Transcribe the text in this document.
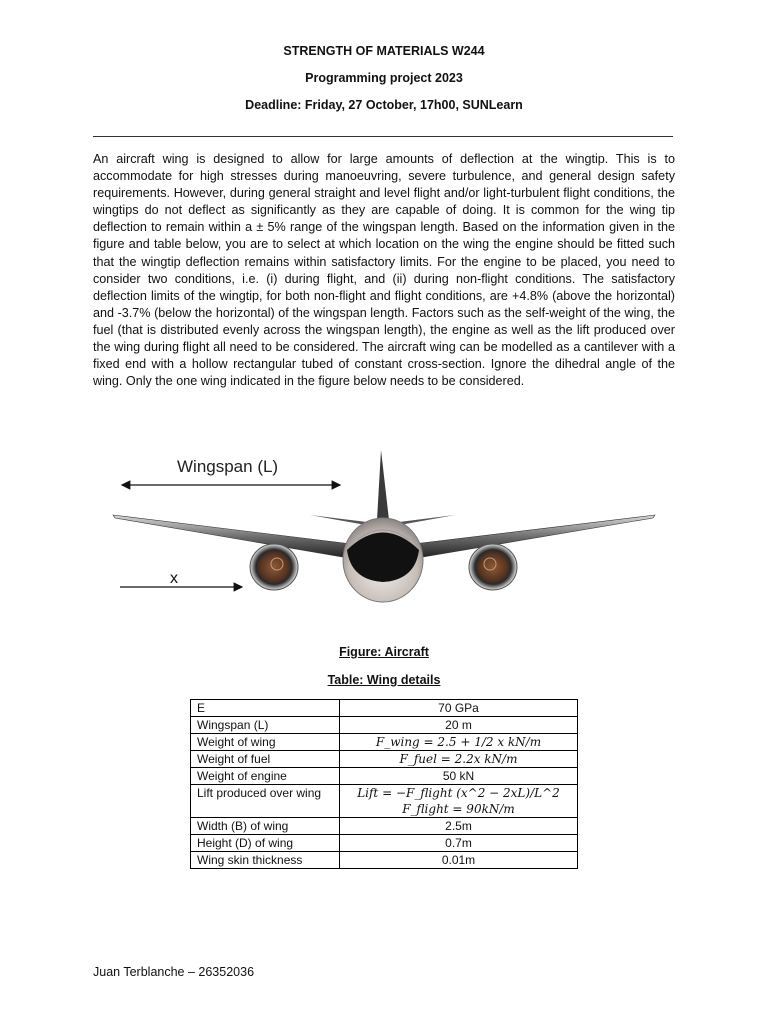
STRENGTH OF MATERIALS W244
Programming project 2023
Deadline: Friday, 27 October, 17h00, SUNLearn

An aircraft wing is designed to allow for large amounts of deflection at the wingtip. This is to accommodate for high stresses during manoeuvring, severe turbulence, and general design safety requirements. However, during general straight and level flight and/or light-turbulent flight conditions, the wingtips do not deflect as significantly as they are capable of doing. It is common for the wing tip deflection to remain within a ± 5% range of the wingspan length. Based on the information given in the figure and table below, you are to select at which location on the wing the engine should be fitted such that the wingtip deflection remains within satisfactory limits. For the engine to be placed, you need to consider two conditions, i.e. (i) during flight, and (ii) during non-flight conditions. The satisfactory deflection limits of the wingtip, for both non-flight and flight conditions, are +4.8% (above the horizontal) and -3.7% (below the horizontal) of the wingspan length. Factors such as the self-weight of the wing, the fuel (that is distributed evenly across the wingspan length), the engine as well as the lift produced over the wing during flight all need to be considered. The aircraft wing can be modelled as a cantilever with a fixed end with a hollow rectangular tubed of constant cross-section. Ignore the dihedral angle of the wing. Only the one wing indicated in the figure below needs to be considered.

Wingspan (L)
x
Figure: Aircraft
Table: Wing details
E	70 GPa
Wingspan (L)	20 m
Weight of wing	F_wing = 2.5 + 1/2 x kN/m
Weight of fuel	F_fuel = 2.2x kN/m
Weight of engine	50 kN
Lift produced over wing	Lift = −F_flight (x^2 − 2xL)/L^2
F_flight = 90kN/m

Width (B) of wing	2.5m
Height (D) of wing	0.7m
Wing skin thickness	0.01m
Juan Terblanche – 26352036
